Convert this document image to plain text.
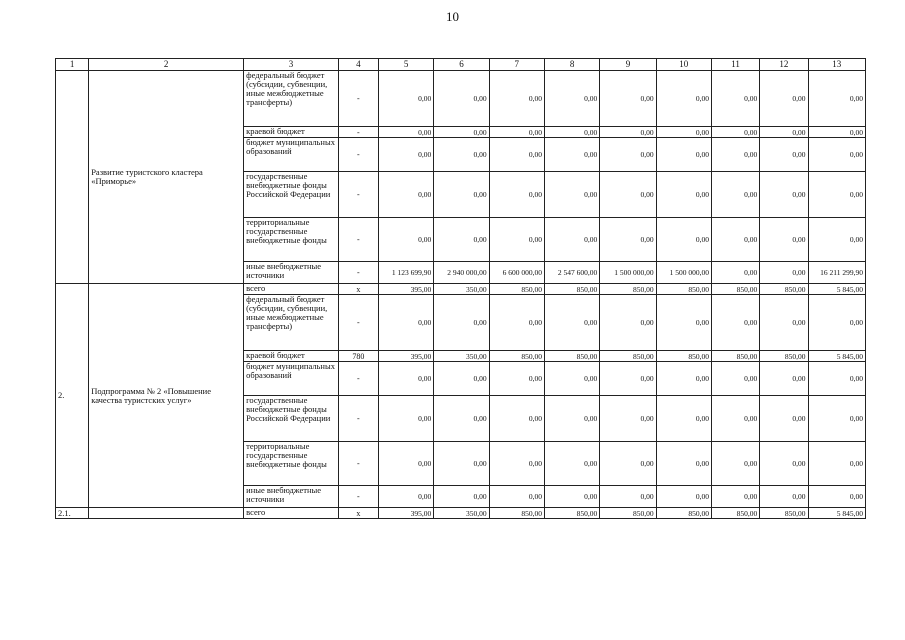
10
1	2	3	4	5	6	7	8	9	10	11	12	13
	Развитие туристского кластера «Приморье»	федеральный бюджет (субсидии, субвенции, иные межбюджетные трансферты)	-	0,00	0,00	0,00	0,00	0,00	0,00	0,00	0,00	0,00
		краевой бюджет	-	0,00	0,00	0,00	0,00	0,00	0,00	0,00	0,00	0,00
		бюджет муниципальных образований	-	0,00	0,00	0,00	0,00	0,00	0,00	0,00	0,00	0,00
		государственные внебюджетные фонды Российской Федерации	-	0,00	0,00	0,00	0,00	0,00	0,00	0,00	0,00	0,00
		территориальные государственные внебюджетные фонды	-	0,00	0,00	0,00	0,00	0,00	0,00	0,00	0,00	0,00
		иные внебюджетные источники	-	1 123 699,90	2 940 000,00	6 600 000,00	2 547 600,00	1 500 000,00	1 500 000,00	0,00	0,00	16 211 299,90
2.	Подпрограмма № 2 «Повышение качества туристских услуг»	всего	x	395,00	350,00	850,00	850,00	850,00	850,00	850,00	850,00	5 845,00
		федеральный бюджет (субсидии, субвенции, иные межбюджетные трансферты)	-	0,00	0,00	0,00	0,00	0,00	0,00	0,00	0,00	0,00
		краевой бюджет	780	395,00	350,00	850,00	850,00	850,00	850,00	850,00	850,00	5 845,00
		бюджет муниципальных образований	-	0,00	0,00	0,00	0,00	0,00	0,00	0,00	0,00	0,00
		государственные внебюджетные фонды Российской Федерации	-	0,00	0,00	0,00	0,00	0,00	0,00	0,00	0,00	0,00
		территориальные государственные внебюджетные фонды	-	0,00	0,00	0,00	0,00	0,00	0,00	0,00	0,00	0,00
		иные внебюджетные источники	-	0,00	0,00	0,00	0,00	0,00	0,00	0,00	0,00	0,00
2.1.		всего	x	395,00	350,00	850,00	850,00	850,00	850,00	850,00	850,00	5 845,00
